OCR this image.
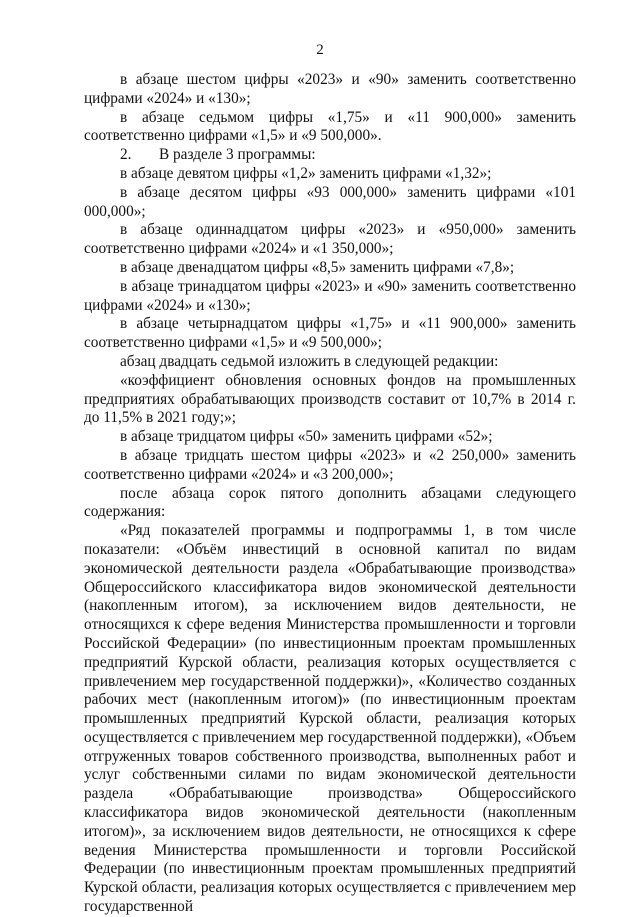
2

в абзаце шестом цифры «2023» и «90» заменить соответственно цифрами «2024» и «130»;

в абзаце седьмом цифры «1,75» и «11 900,000» заменить соответственно цифрами «1,5» и «9 500,000».

2.	В разделе 3 программы:

в абзаце девятом цифры «1,2» заменить цифрами «1,32»;

в абзаце десятом цифры «93 000,000» заменить цифрами «101 000,000»;

в абзаце одиннадцатом цифры «2023» и «950,000» заменить соответственно цифрами «2024» и «1 350,000»;

в абзаце двенадцатом цифры «8,5» заменить цифрами «7,8»;

в абзаце тринадцатом цифры «2023» и «90» заменить соответственно цифрами «2024» и «130»;

в абзаце четырнадцатом цифры «1,75» и «11 900,000» заменить соответственно цифрами «1,5» и «9 500,000»;

абзац двадцать седьмой изложить в следующей редакции:

«коэффициент обновления основных фондов на промышленных предприятиях обрабатывающих производств составит от 10,7% в 2014 г. до 11,5% в 2021 году;»;

в абзаце тридцатом цифры «50» заменить цифрами «52»;

в абзаце тридцать шестом цифры «2023» и «2 250,000» заменить соответственно цифрами «2024» и «3 200,000»;

после абзаца сорок пятого дополнить абзацами следующего содержания:

«Ряд показателей программы и подпрограммы 1, в том числе показатели: «Объём инвестиций в основной капитал по видам экономической деятельности раздела «Обрабатывающие производства» Общероссийского классификатора видов экономической деятельности (накопленным итогом), за исключением видов деятельности, не относящихся к сфере ведения Министерства промышленности и торговли Российской Федерации» (по инвестиционным проектам промышленных предприятий Курской области, реализация которых осуществляется с привлечением мер государственной поддержки)», «Количество созданных рабочих мест (накопленным итогом)» (по инвестиционным проектам промышленных предприятий Курской области, реализация которых осуществляется с привлечением мер государственной поддержки), «Объем отгруженных товаров собственного производства, выполненных работ и услуг собственными силами по видам экономической деятельности раздела «Обрабатывающие производства» Общероссийского классификатора видов экономической деятельности (накопленным итогом)», за исключением видов деятельности, не относящихся к сфере ведения Министерства промышленности и торговли Российской Федерации (по инвестиционным проектам промышленных предприятий Курской области, реализация которых осуществляется с привлечением мер государственной
